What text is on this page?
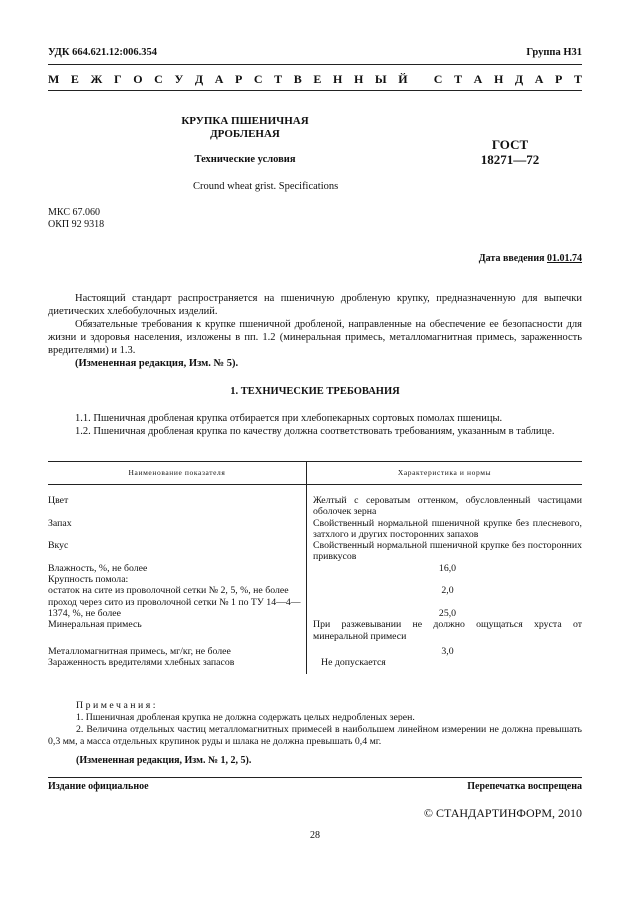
УДК 664.621.12:006.354	Группа Н31
М Е Ж Г О С У Д А Р С Т В Е Н Н Ы Й
С Т А Н Д А Р Т
КРУПКА ПШЕНИЧНАЯ
ДРОБЛЕНАЯ
Технические условия
ГОСТ
18271—72
Cround wheat grist. Specifications
МКС 67.060
ОКП 92 9318
Дата введения 01.01.74

Настоящий стандарт распространяется на пшеничную дробленую крупку, предназначенную для выпечки диетических хлебобулочных изделий.

Обязательные требования к крупке пшеничной дробленой, направленные на обеспечение ее безопасности для жизни и здоровья населения, изложены в пп. 1.2 (минеральная примесь, металломагнитная примесь, зараженность вредителями) и 1.3.

(Измененная редакция, Изм. № 5).

1. ТЕХНИЧЕСКИЕ ТРЕБОВАНИЯ

1.1. Пшеничная дробленая крупка отбирается при хлебопекарных сортовых помолах пшеницы.

1.2. Пшеничная дробленая крупка по качеству должна соответствовать требованиям, указанным в таблице.

Наименование показателя	Характеристика и нормы
Цвет	Желтый с сероватым оттенком, обусловленный частицами оболочек зерна
Запах	Свойственный нормальной пшеничной крупке без плесневого, затхлого и других посторонних запахов
Вкус	Свойственный нормальной пшеничной крупке без посторонних привкусов
Влажность, %, не более	16,0
Крупность помола:	
остаток на сите из проволочной сетки № 2, 5, %, не более	2,0
проход через сито из проволочной сетки № 1 по ТУ 14—4—1374, %, не более	25,0
Минеральная примесь	При разжевывании не должно ощущаться хруста от минеральной примеси
Металломагнитная примесь, мг/кг, не более	3,0
Зараженность вредителями хлебных запасов	Не допускается
Примечания:

1. Пшеничная дробленая крупка не должна содержать целых недробленых зерен.

2. Величина отдельных частиц металломагнитных примесей в наибольшем линейном измерении не должна превышать 0,3 мм, а масса отдельных крупинок руды и шлака не должна превышать 0,4 мг.

(Измененная редакция, Изм. № 1, 2, 5).
Издание официальное	Перепечатка воспрещена
© СТАНДАРТИНФОРМ, 2010
28
